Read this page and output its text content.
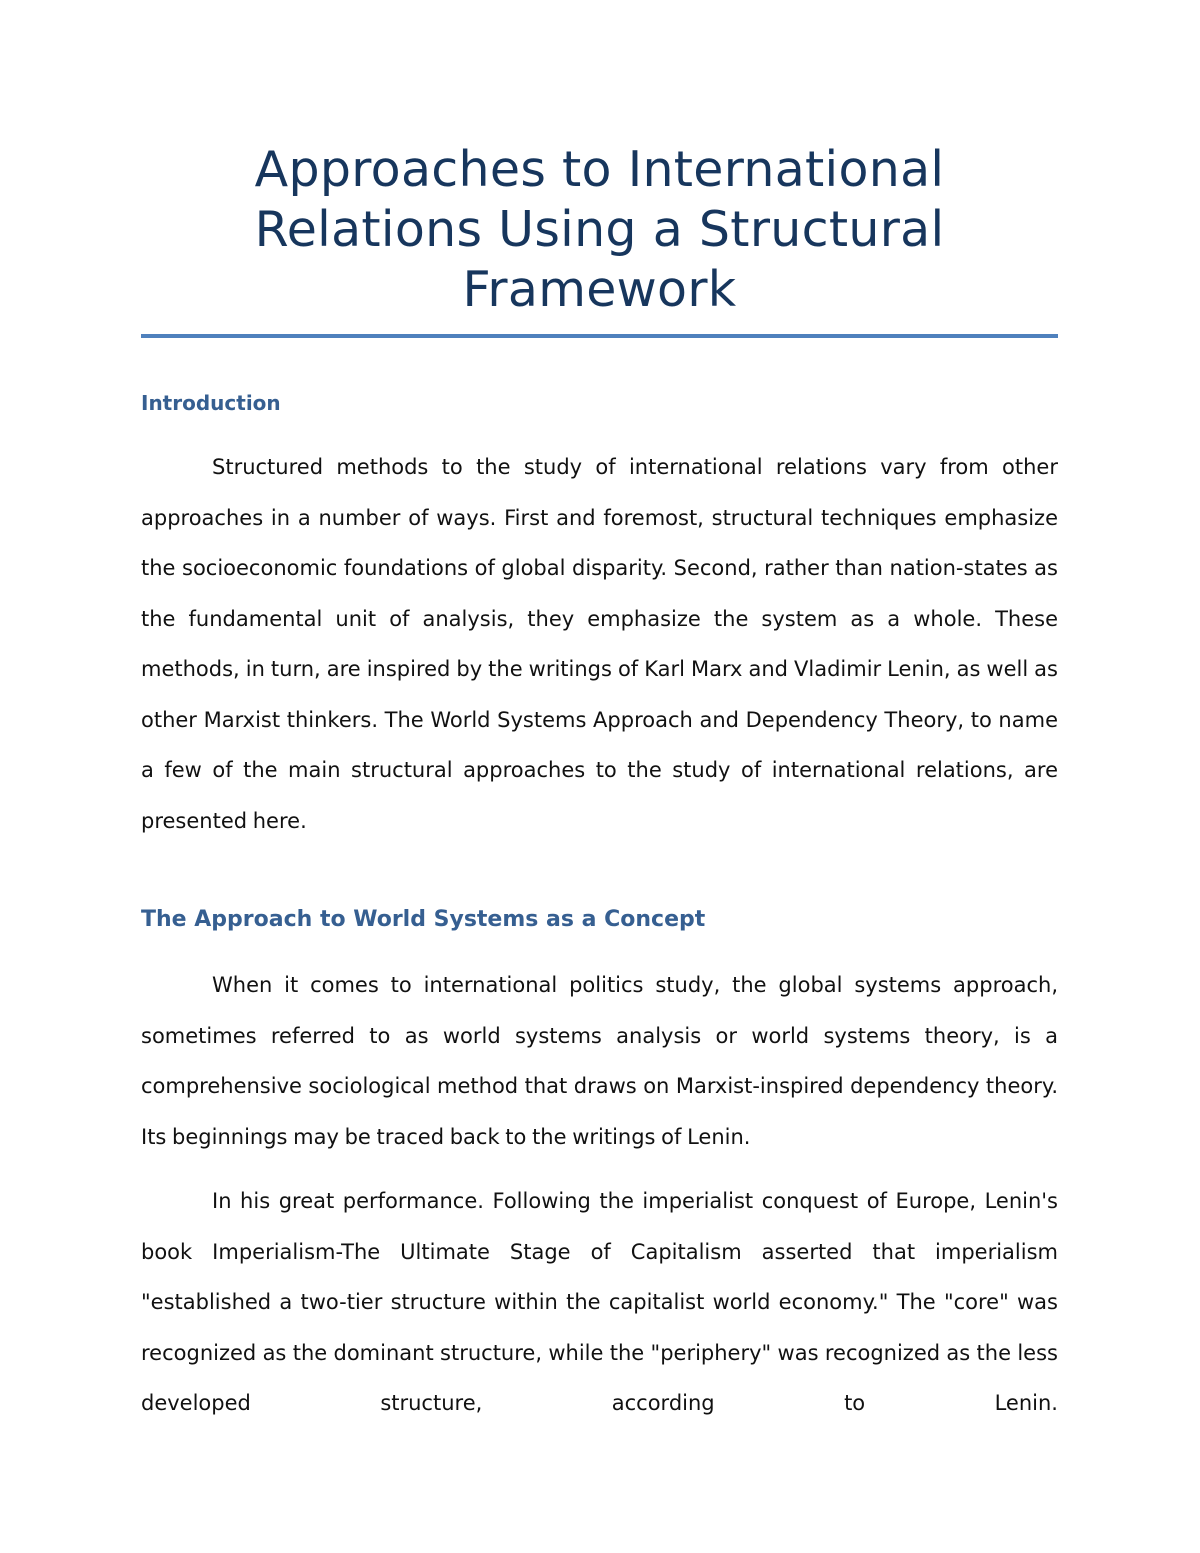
Approaches to International Relations Using a Structural Framework
Introduction

Structured methods to the study of international relations vary from other approaches in a number of ways. First and foremost, structural techniques emphasize the socioeconomic foundations of global disparity. Second, rather than nation-states as the fundamental unit of analysis, they emphasize the system as a whole. These methods, in turn, are inspired by the writings of Karl Marx and Vladimir Lenin, as well as other Marxist thinkers. The World Systems Approach and Dependency Theory, to name a few of the main structural approaches to the study of international relations, are presented here.

The Approach to World Systems as a Concept

When it comes to international politics study, the global systems approach, sometimes referred to as world systems analysis or world systems theory, is a comprehensive sociological method that draws on Marxist-inspired dependency theory. Its beginnings may be traced back to the writings of Lenin.

In his great performance. Following the imperialist conquest of Europe, Lenin's book Imperialism-The Ultimate Stage of Capitalism asserted that imperialism "established a two-tier structure within the capitalist world economy." The "core" was recognized as the dominant structure, while the "periphery" was recognized as the less developed structure, according to Lenin.
